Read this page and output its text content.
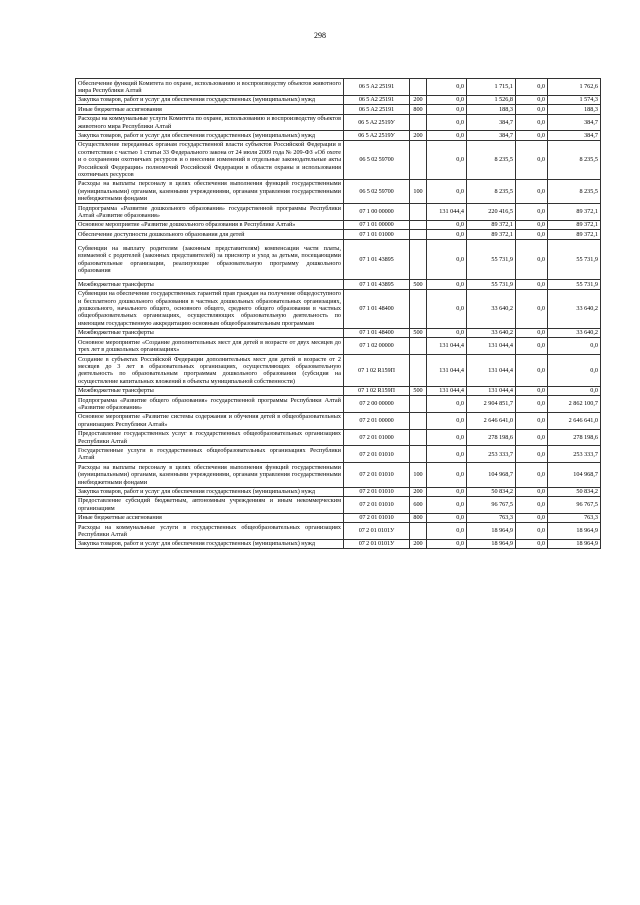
298
Обеспечение функций Комитета по охране, использованию и воспроизводству объектов животного мира Республики Алтай	06 5 A2 25191		0,0	1 715,1	0,0	1 762,6
Закупка товаров, работ и услуг для обеспечения государственных (муниципальных) нужд	06 5 A2 25191	200	0,0	1 526,8	0,0	1 574,3
Иные бюджетные ассигнования	06 5 A2 25191	800	0,0	188,3	0,0	188,3
Расходы на коммунальные услуги Комитета по охране, использованию и воспроизводству объектов животного мира Республики Алтай	06 5 A2 2519У		0,0	384,7	0,0	384,7
Закупка товаров, работ и услуг для обеспечения государственных (муниципальных) нужд	06 5 A2 2519У	200	0,0	384,7	0,0	384,7
Осуществление переданных органам государственной власти субъектов Российской Федерации в соответствии с частью 1 статьи 33 Федерального закона от 24 июля 2009 года № 209-ФЗ «Об охоте и о сохранении охотничьих ресурсов и о внесении изменений в отдельные законодательные акты Российской Федерации» полномочий Российской Федерации в области охраны и использования охотничьих ресурсов	06 5 02 59700		0,0	8 235,5	0,0	8 235,5
Расходы на выплаты персоналу в целях обеспечения выполнения функций государственными (муниципальными) органами, казенными учреждениями, органами управления государственными внебюджетными фондами	06 5 02 59700	100	0,0	8 235,5	0,0	8 235,5
Подпрограмма «Развитие дошкольного образования» государственной программы Республики Алтай «Развитие образования»	07 1 00 00000		131 044,4	220 416,5	0,0	89 372,1
Основное мероприятие «Развитие дошкольного образования в Республике Алтай»	07 1 01 00000		0,0	89 372,1	0,0	89 372,1
Обеспечение доступности дошкольного образования для детей	07 1 01 01000		0,0	89 372,1	0,0	89 372,1
Субвенции на выплату родителям (законным представителям) компенсации части платы, взимаемой с родителей (законных представителей) за присмотр и уход за детьми, посещающими образовательные организации, реализующие образовательную программу дошкольного образования	07 1 01 43895		0,0	55 731,9	0,0	55 731,9
Межбюджетные трансферты	07 1 01 43895	500	0,0	55 731,9	0,0	55 731,9
Субвенции на обеспечение государственных гарантий прав граждан на получение общедоступного и бесплатного дошкольного образования в частных дошкольных образовательных организациях, дошкольного, начального общего, основного общего, среднего общего образования в частных общеобразовательных организациях, осуществляющих образовательную деятельность по имеющим государственную аккредитацию основным общеобразовательным программам	07 1 01 48400		0,0	33 640,2	0,0	33 640,2
Межбюджетные трансферты	07 1 01 48400	500	0,0	33 640,2	0,0	33 640,2
Основное мероприятие «Создание дополнительных мест для детей в возрасте от двух месяцев до трех лет в дошкольных организациях»	07 1 02 00000		131 044,4	131 044,4	0,0	0,0
Создание в субъектах Российской Федерации дополнительных мест для детей в возрасте от 2 месяцев до 3 лет в образовательных организациях, осуществляющих образовательную деятельность по образовательным программам дошкольного образования (субсидия на осуществление капитальных вложений в объекты муниципальной собственности)	07 1 02 R159П		131 044,4	131 044,4	0,0	0,0
Межбюджетные трансферты	07 1 02 R159П	500	131 044,4	131 044,4	0,0	0,0
Подпрограмма «Развитие общего образования» государственной программы Республики Алтай «Развитие образования»	07 2 00 00000		0,0	2 904 851,7	0,0	2 862 100,7
Основное мероприятие «Развитие системы содержания и обучения детей в общеобразовательных организациях Республики Алтай»	07 2 01 00000		0,0	2 646 641,0	0,0	2 646 641,0
Предоставление государственных услуг в государственных общеобразовательных организациях Республики Алтай	07 2 01 01000		0,0	278 198,6	0,0	278 198,6
Государственные услуги в государственных общеобразовательных организациях Республики Алтай	07 2 01 01010		0,0	253 333,7	0,0	253 333,7
Расходы на выплаты персоналу в целях обеспечения выполнения функций государственными (муниципальными) органами, казенными учреждениями, органами управления государственными внебюджетными фондами	07 2 01 01010	100	0,0	104 968,7	0,0	104 968,7
Закупка товаров, работ и услуг для обеспечения государственных (муниципальных) нужд	07 2 01 01010	200	0,0	50 834,2	0,0	50 834,2
Предоставление субсидий бюджетным, автономным учреждениям и иным некоммерческим организациям	07 2 01 01010	600	0,0	96 767,5	0,0	96 767,5
Иные бюджетные ассигнования	07 2 01 01010	800	0,0	763,3	0,0	763,3
Расходы на коммунальные услуги в государственных общеобразовательных организациях Республики Алтай	07 2 01 0101У		0,0	18 964,9	0,0	18 964,9
Закупка товаров, работ и услуг для обеспечения государственных (муниципальных) нужд	07 2 01 0101У	200	0,0	18 964,9	0,0	18 964,9
